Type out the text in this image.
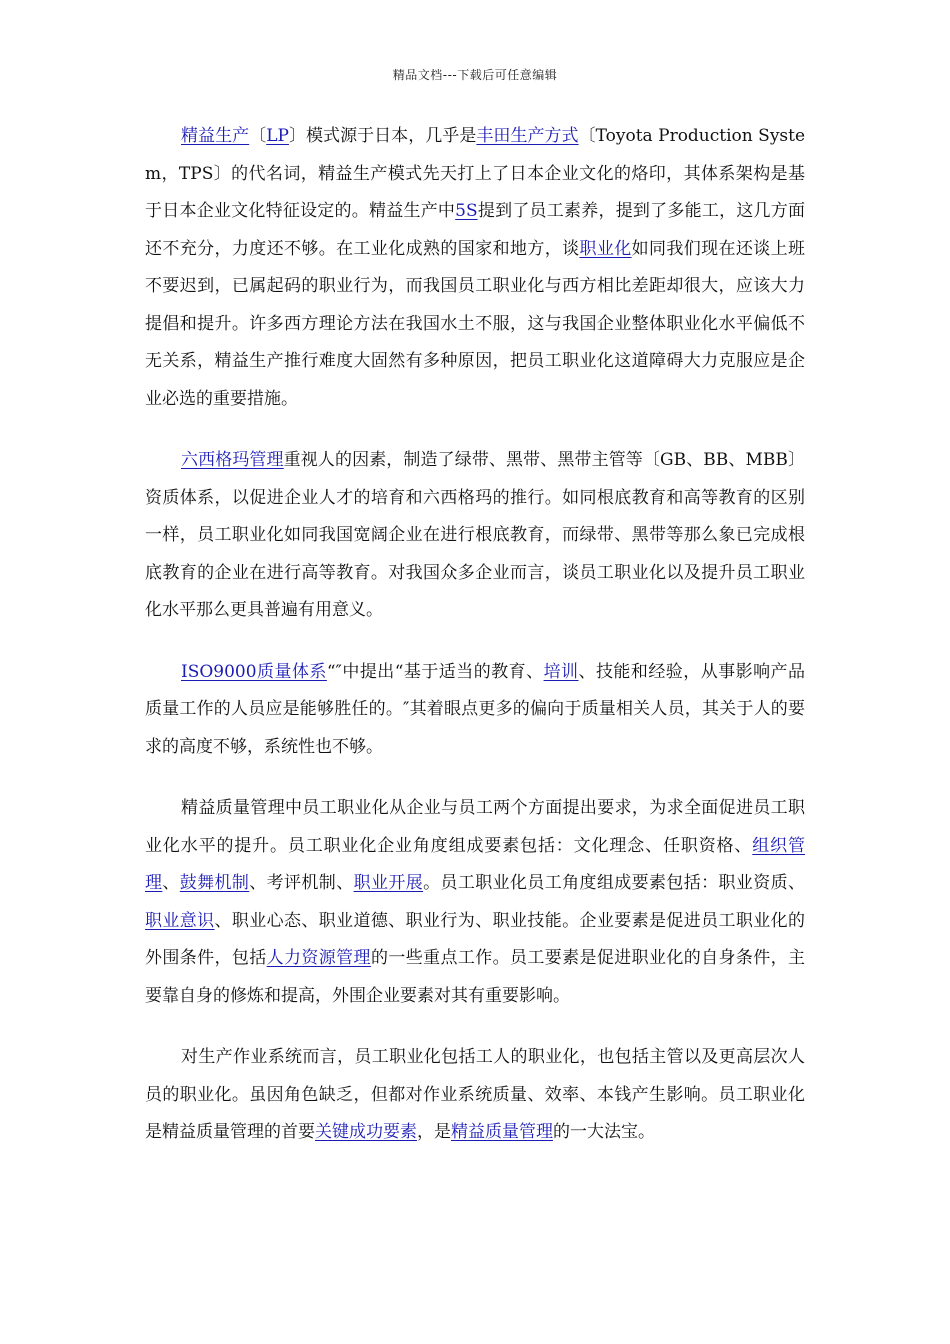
精品文档---下载后可任意编辑

精益生产〔LP〕模式源于日本，几乎是丰田生产方式〔Toyota Production System，TPS〕的代名词，精益生产模式先天打上了日本企业文化的烙印，其体系架构是基于日本企业文化特征设定的。精益生产中5S提到了员工素养，提到了多能工，这几方面还不充分，力度还不够。在工业化成熟的国家和地方，谈职业化如同我们现在还谈上班不要迟到，已属起码的职业行为，而我国员工职业化与西方相比差距却很大，应该大力提倡和提升。许多西方理论方法在我国水土不服，这与我国企业整体职业化水平偏低不无关系，精益生产推行难度大固然有多种原因，把员工职业化这道障碍大力克服应是企业必选的重要措施。

六西格玛管理重视人的因素，制造了绿带、黑带、黑带主管等〔GB、BB、MBB〕资质体系，以促进企业人才的培育和六西格玛的推行。如同根底教育和高等教育的区别一样，员工职业化如同我国宽阔企业在进行根底教育，而绿带、黑带等那么象已完成根底教育的企业在进行高等教育。对我国众多企业而言，谈员工职业化以及提升员工职业化水平那么更具普遍有用意义。

ISO9000质量体系“″中提出“基于适当的教育、培训、技能和经验，从事影响产品质量工作的人员应是能够胜任的。″其着眼点更多的偏向于质量相关人员，其关于人的要求的高度不够，系统性也不够。

精益质量管理中员工职业化从企业与员工两个方面提出要求，为求全面促进员工职业化水平的提升。员工职业化企业角度组成要素包括：文化理念、任职资格、组织管理、鼓舞机制、考评机制、职业开展。员工职业化员工角度组成要素包括：职业资质、职业意识、职业心态、职业道德、职业行为、职业技能。企业要素是促进员工职业化的外围条件，包括人力资源管理的一些重点工作。员工要素是促进职业化的自身条件，主要靠自身的修炼和提高，外围企业要素对其有重要影响。

对生产作业系统而言，员工职业化包括工人的职业化，也包括主管以及更高层次人员的职业化。虽因角色缺乏，但都对作业系统质量、效率、本钱产生影响。员工职业化是精益质量管理的首要关键成功要素，是精益质量管理的一大法宝。
